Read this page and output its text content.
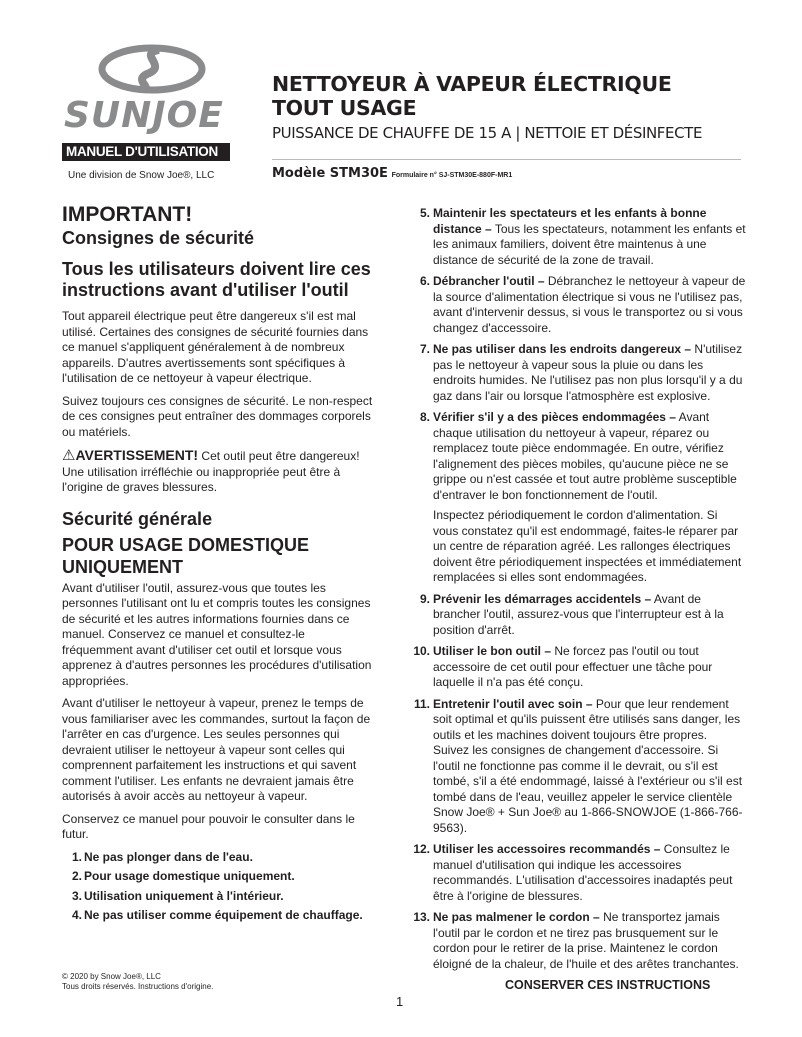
SUNJOE
MANUEL D'UTILISATION
Une division de Snow Joe®, LLC
NETTOYEUR À VAPEUR ÉLECTRIQUE
TOUT USAGE
PUISSANCE DE CHAUFFE DE 15 A | NETTOIE ET DÉSINFECTE
Modèle STM30E Formulaire n° SJ-STM30E-880F-MR1
IMPORTANT!
Consignes de sécurité
Tous les utilisateurs doivent lire ces instructions avant d'utiliser l'outil

Tout appareil électrique peut être dangereux s'il est mal utilisé. Certaines des consignes de sécurité fournies dans ce manuel s'appliquent généralement à de nombreux appareils. D'autres avertissements sont spécifiques à l'utilisation de ce nettoyeur à vapeur électrique.

Suivez toujours ces consignes de sécurité. Le non-respect de ces consignes peut entraîner des dommages corporels ou matériels.

⚠AVERTISSEMENT! Cet outil peut être dangereux! Une utilisation irréfléchie ou inappropriée peut être à l'origine de graves blessures.

Sécurité générale
POUR USAGE DOMESTIQUE UNIQUEMENT

Avant d'utiliser l'outil, assurez-vous que toutes les personnes l'utilisant ont lu et compris toutes les consignes de sécurité et les autres informations fournies dans ce manuel. Conservez ce manuel et consultez-le fréquemment avant d'utiliser cet outil et lorsque vous apprenez à d'autres personnes les procédures d'utilisation appropriées.

Avant d'utiliser le nettoyeur à vapeur, prenez le temps de vous familiariser avec les commandes, surtout la façon de l'arrêter en cas d'urgence. Les seules personnes qui devraient utiliser le nettoyeur à vapeur sont celles qui comprennent parfaitement les instructions et qui savent comment l'utiliser. Les enfants ne devraient jamais être autorisés à avoir accès au nettoyeur à vapeur.

Conservez ce manuel pour pouvoir le consulter dans le futur.

1. Ne pas plonger dans de l'eau.
2. Pour usage domestique uniquement.
3. Utilisation uniquement à l'intérieur.
4. Ne pas utiliser comme équipement de chauffage.
5. Maintenir les spectateurs et les enfants à bonne distance – Tous les spectateurs, notamment les enfants et les animaux familiers, doivent être maintenus à une distance de sécurité de la zone de travail.
6. Débrancher l'outil – Débranchez le nettoyeur à vapeur de la source d'alimentation électrique si vous ne l'utilisez pas, avant d'intervenir dessus, si vous le transportez ou si vous changez d'accessoire.
7. Ne pas utiliser dans les endroits dangereux – N'utilisez pas le nettoyeur à vapeur sous la pluie ou dans les endroits humides. Ne l'utilisez pas non plus lorsqu'il y a du gaz dans l'air ou lorsque l'atmosphère est explosive.
8. Vérifier s'il y a des pièces endommagées – Avant chaque utilisation du nettoyeur à vapeur, réparez ou remplacez toute pièce endommagée. En outre, vérifiez l'alignement des pièces mobiles, qu'aucune pièce ne se grippe ou n'est cassée et tout autre problème susceptible d'entraver le bon fonctionnement de l'outil.

Inspectez périodiquement le cordon d'alimentation. Si vous constatez qu'il est endommagé, faites-le réparer par un centre de réparation agréé. Les rallonges électriques doivent être périodiquement inspectées et immédiatement remplacées si elles sont endommagées.

9. Prévenir les démarrages accidentels – Avant de brancher l'outil, assurez-vous que l'interrupteur est à la position d'arrêt.
10. Utiliser le bon outil – Ne forcez pas l'outil ou tout accessoire de cet outil pour effectuer une tâche pour laquelle il n'a pas été conçu.
11. Entretenir l'outil avec soin – Pour que leur rendement soit optimal et qu'ils puissent être utilisés sans danger, les outils et les machines doivent toujours être propres. Suivez les consignes de changement d'accessoire. Si l'outil ne fonctionne pas comme il le devrait, ou s'il est tombé, s'il a été endommagé, laissé à l'extérieur ou s'il est tombé dans de l'eau, veuillez appeler le service clientèle Snow Joe® + Sun Joe® au 1-866-SNOWJOE (1-866-766-9563).
12. Utiliser les accessoires recommandés – Consultez le manuel d'utilisation qui indique les accessoires recommandés. L'utilisation d'accessoires inadaptés peut être à l'origine de blessures.
13. Ne pas malmener le cordon – Ne transportez jamais l'outil par le cordon et ne tirez pas brusquement sur le cordon pour le retirer de la prise. Maintenez le cordon éloigné de la chaleur, de l'huile et des arêtes tranchantes.
© 2020 by Snow Joe®, LLC
Tous droits réservés. Instructions d'origine.	CONSERVER CES INSTRUCTIONS
1
